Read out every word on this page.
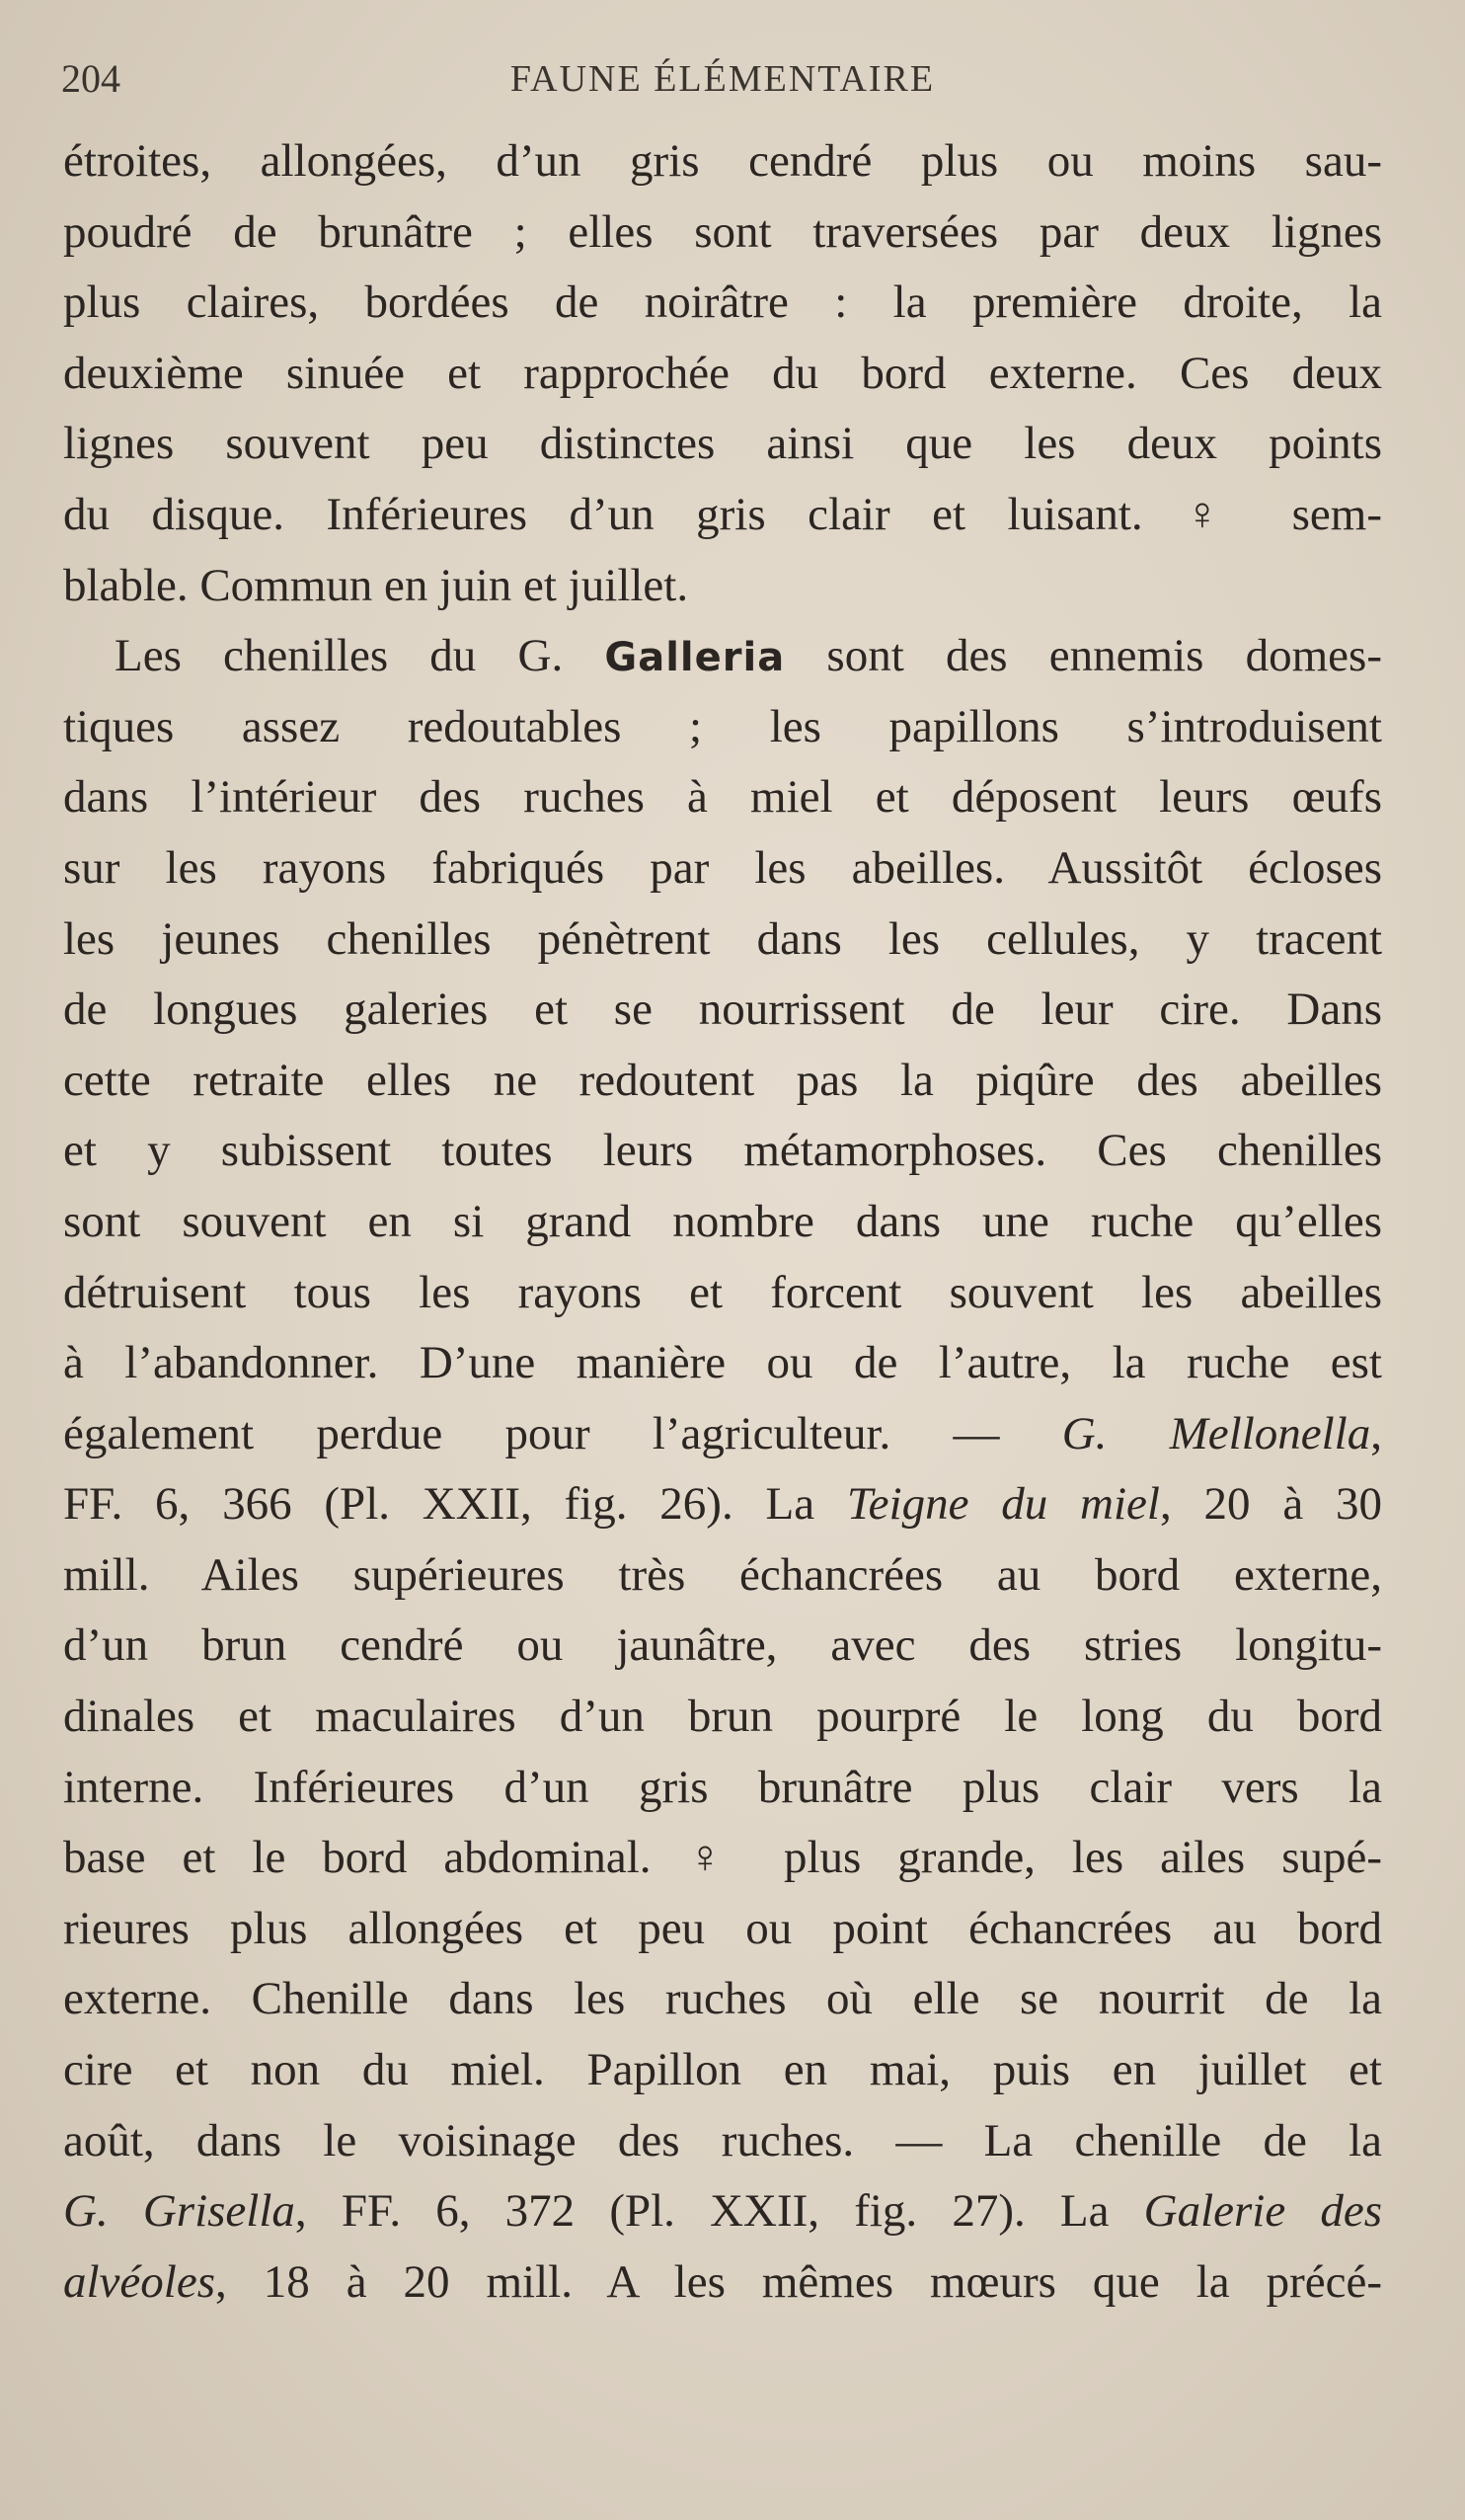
204	FAUNE ÉLÉMENTAIRE
étroites, allongées, d’un gris cendré plus ou moins sau-
poudré de brunâtre ; elles sont traversées par deux lignes
plus claires, bordées de noirâtre : la première droite, la
deuxième sinuée et rapprochée du bord externe. Ces deux
lignes souvent peu distinctes ainsi que les deux points
du disque. Inférieures d’un gris clair et luisant. ♀ sem-
blable. Commun en juin et juillet.
Les chenilles du G. Galleria sont des ennemis domes-
tiques assez redoutables ; les papillons s’introduisent
dans l’intérieur des ruches à miel et déposent leurs œufs
sur les rayons fabriqués par les abeilles. Aussitôt écloses
les jeunes chenilles pénètrent dans les cellules, y tracent
de longues galeries et se nourrissent de leur cire. Dans
cette retraite elles ne redoutent pas la piqûre des abeilles
et y subissent toutes leurs métamorphoses. Ces chenilles
sont souvent en si grand nombre dans une ruche qu’elles
détruisent tous les rayons et forcent souvent les abeilles
à l’abandonner. D’une manière ou de l’autre, la ruche est
également perdue pour l’agriculteur. — G. Mellonella,
FF. 6, 366 (Pl. XXII, fig. 26). La Teigne du miel, 20 à 30
mill. Ailes supérieures très échancrées au bord externe,
d’un brun cendré ou jaunâtre, avec des stries longitu-
dinales et maculaires d’un brun pourpré le long du bord
interne. Inférieures d’un gris brunâtre plus clair vers la
base et le bord abdominal. ♀ plus grande, les ailes supé-
rieures plus allongées et peu ou point échancrées au bord
externe. Chenille dans les ruches où elle se nourrit de la
cire et non du miel. Papillon en mai, puis en juillet et
août, dans le voisinage des ruches. — La chenille de la
G. Grisella, FF. 6, 372 (Pl. XXII, fig. 27). La Galerie des
alvéoles, 18 à 20 mill. A les mêmes mœurs que la précé-
